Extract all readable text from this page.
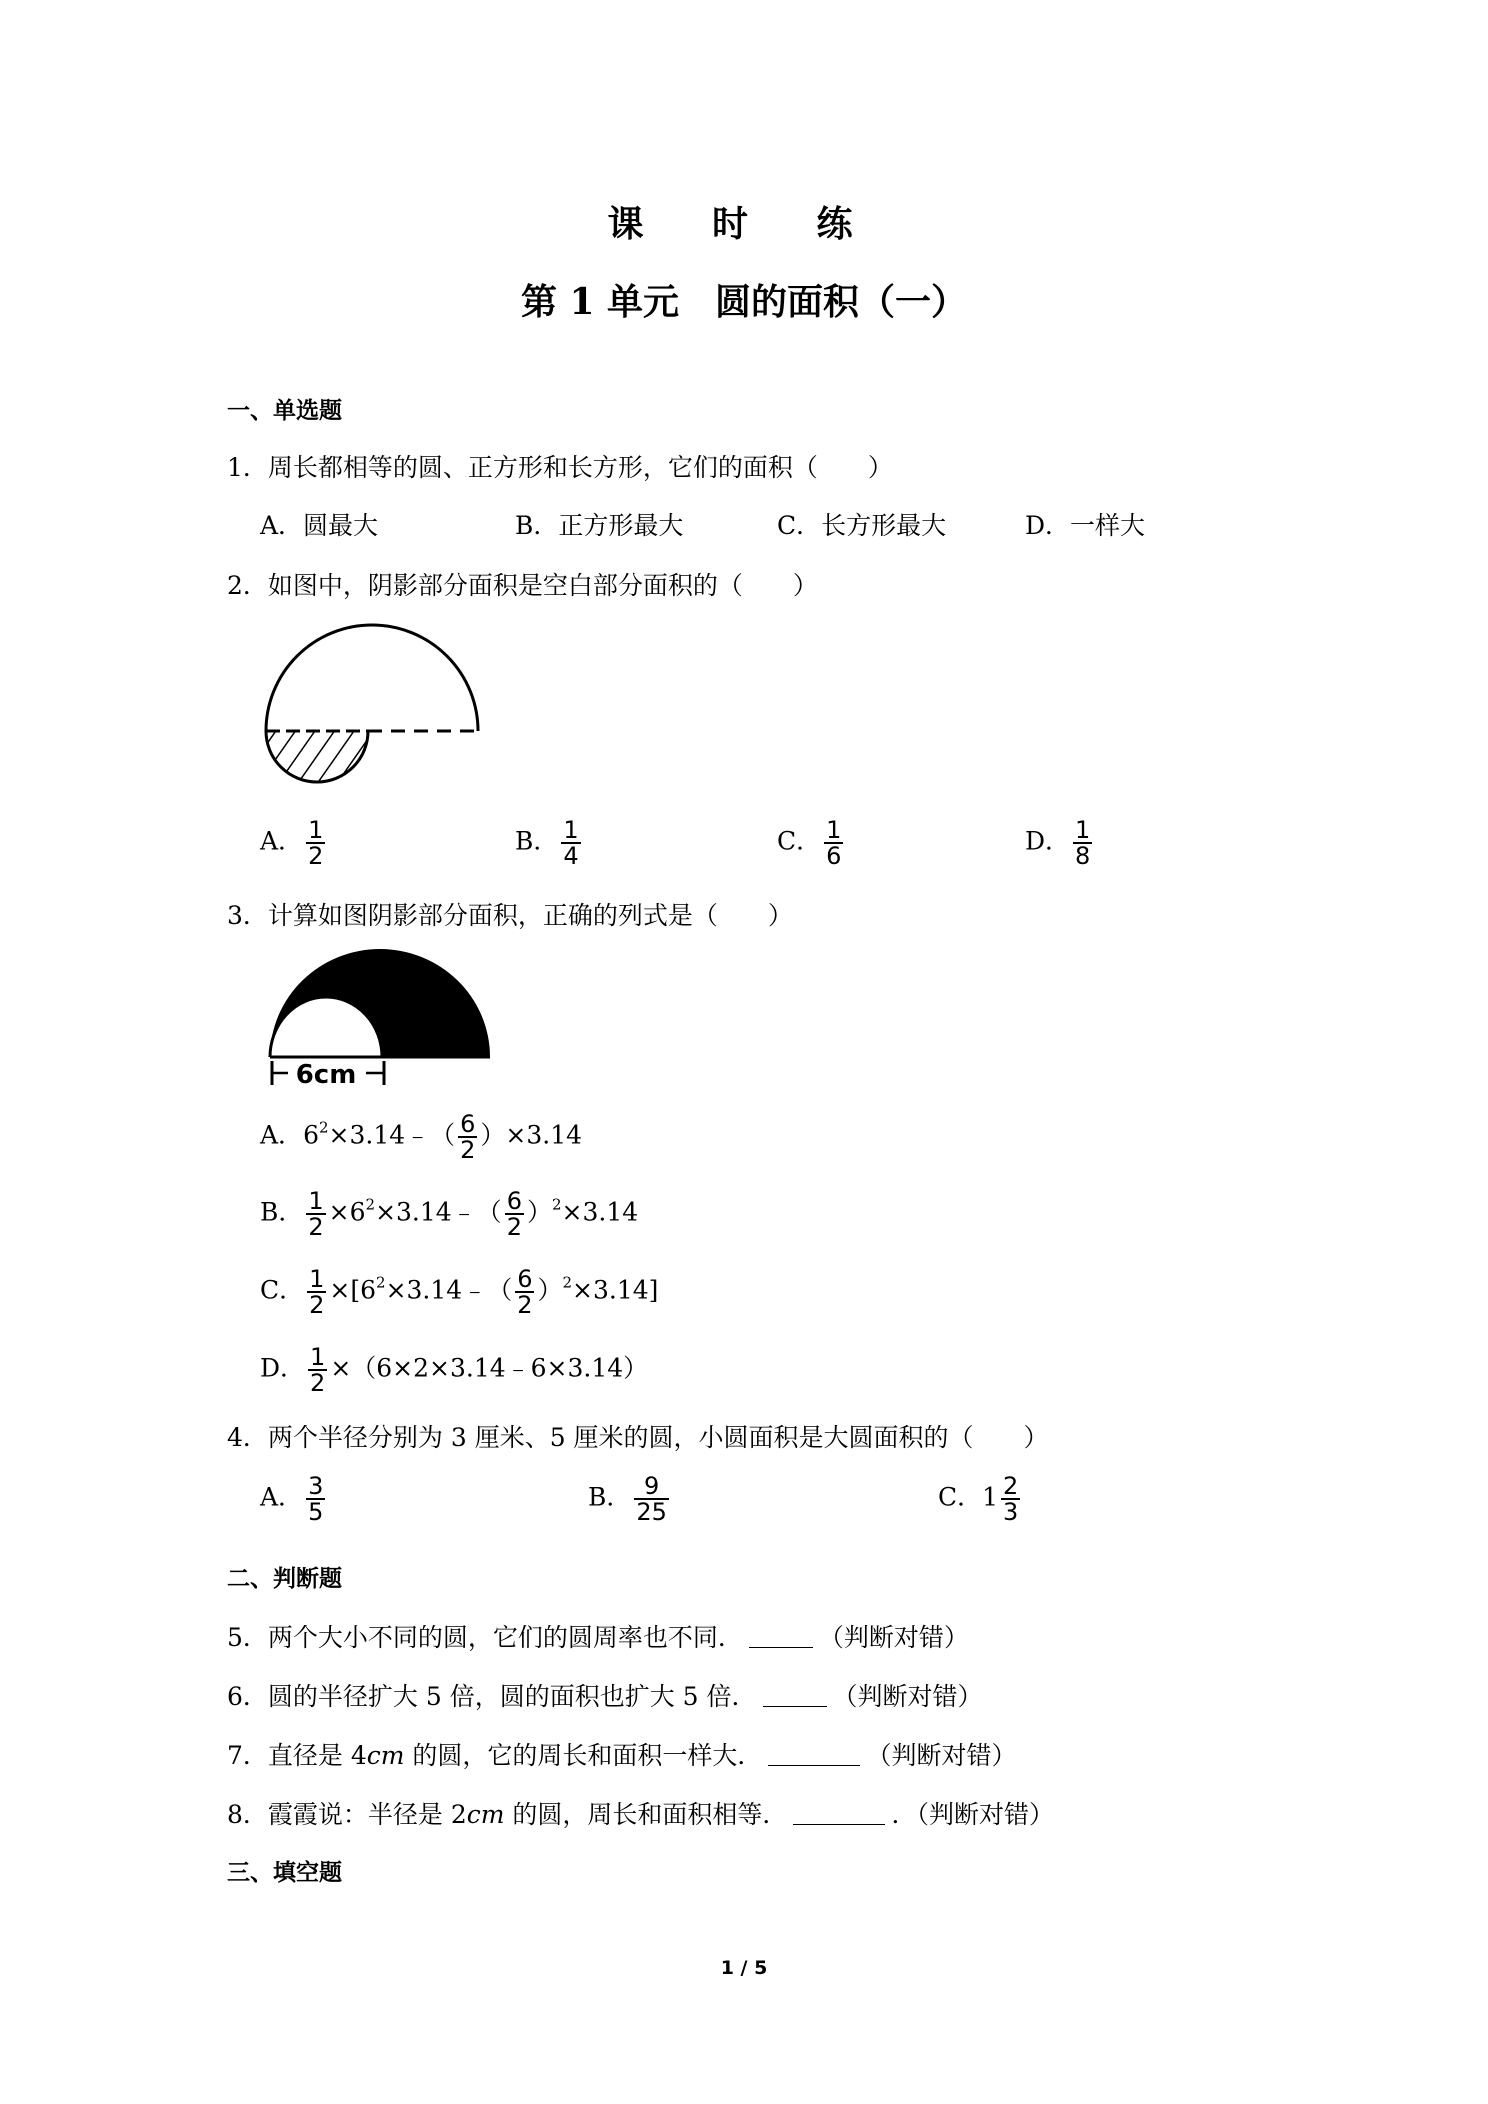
课 时 练
第 1 单元　圆的面积（一）
一、单选题
1．周长都相等的圆、正方形和长方形，它们的面积（　　）
A．圆最大	B．正方形最大	C．长方形最大	D．一样大
2．如图中，阴影部分面积是空白部分面积的（　　）
A． $\frac{1}{2}$	B． $\frac{1}{4}$	C． $\frac{1}{6}$	D． $\frac{1}{8}$
3．计算如图阴影部分面积，正确的列式是（　　）
6cm
A．$6^2\times 3.14﹣( \frac{6}{2} )\times 3.14$
B． $\frac{1}{2}$ $\times 6^2\times 3.14﹣( \frac{6}{2} )^2\times 3.14$
C． $\frac{1}{2}$ $\times[6^2\times 3.14﹣( \frac{6}{2} )^2\times 3.14]$
D． $\frac{1}{2}$ ×（6×2×3.14﹣6×3.14）
4．两个半径分别为 3 厘米、5 厘米的圆，小圆面积是大圆面积的（　　）
A． $\frac{3}{5}$	B． $\frac{9}{25}$	C．$1 \frac{2}{3}$
二、判断题
5．两个大小不同的圆，它们的圆周率也不同．	（判断对错）
6．圆的半径扩大 5 倍，圆的面积也扩大 5 倍．	（判断对错）
7．直径是 4cm 的圆，它的周长和面积一样大．	（判断对错）
8．霞霞说：半径是 2cm 的圆，周长和面积相等．	．（判断对错）
三、填空题
1 / 5
